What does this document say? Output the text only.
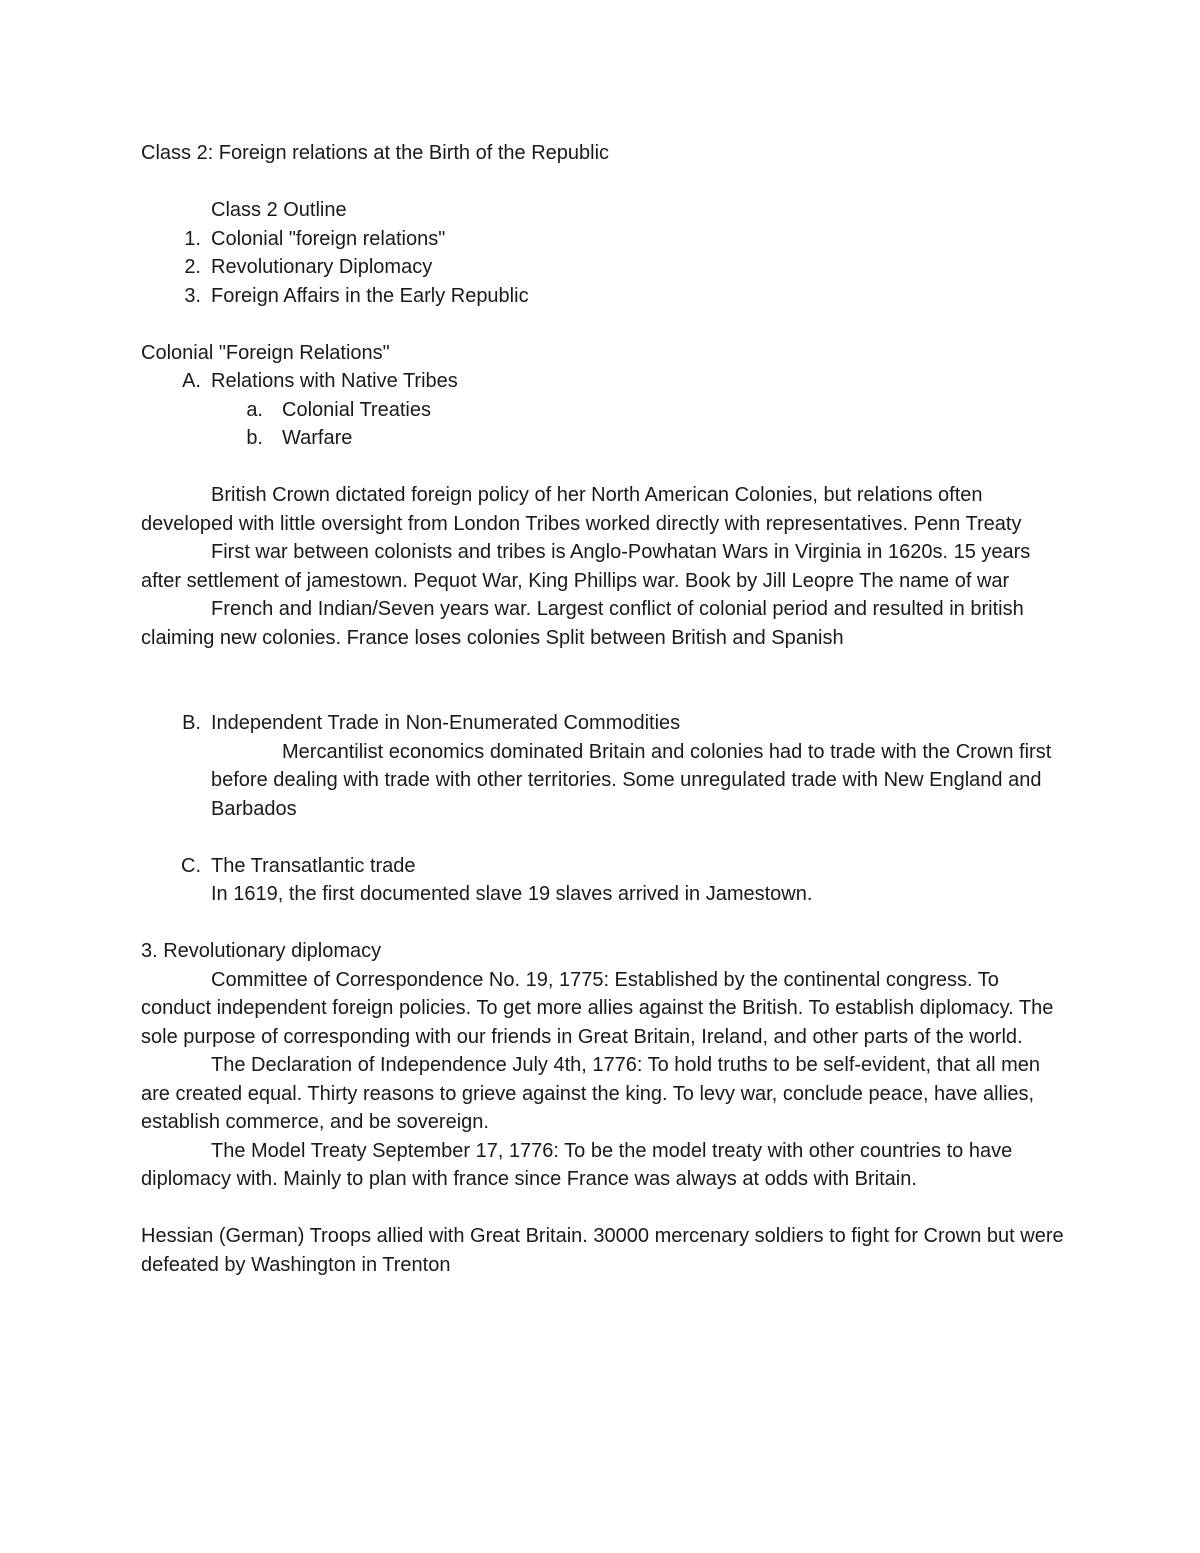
Class 2: Foreign relations at the Birth of the Republic
Class 2 Outline
1. Colonial "foreign relations"
2. Revolutionary Diplomacy
3. Foreign Affairs in the Early Republic
Colonial "Foreign Relations"
A. Relations with Native Tribes
a. Colonial Treaties
b. Warfare
British Crown dictated foreign policy of her North American Colonies, but relations often developed with little oversight from London Tribes worked directly with representatives. Penn Treaty
First war between colonists and tribes is Anglo-Powhatan Wars in Virginia in 1620s. 15 years after settlement of jamestown. Pequot War, King Phillips war. Book by Jill Leopre The name of war
French and Indian/Seven years war. Largest conflict of colonial period and resulted in british claiming new colonies. France loses colonies Split between British and Spanish
B. Independent Trade in Non-Enumerated Commodities
Mercantilist economics dominated Britain and colonies had to trade with the Crown first before dealing with trade with other territories. Some unregulated trade with New England and Barbados
C. The Transatlantic trade
In 1619, the first documented slave 19 slaves arrived in Jamestown.
3. Revolutionary diplomacy
Committee of Correspondence No. 19, 1775: Established by the continental congress. To conduct independent foreign policies. To get more allies against the British. To establish diplomacy. The sole purpose of corresponding with our friends in Great Britain, Ireland, and other parts of the world.
The Declaration of Independence July 4th, 1776: To hold truths to be self-evident, that all men are created equal. Thirty reasons to grieve against the king. To levy war, conclude peace, have allies, establish commerce, and be sovereign.
The Model Treaty September 17, 1776: To be the model treaty with other countries to have diplomacy with. Mainly to plan with france since France was always at odds with Britain.
Hessian (German) Troops allied with Great Britain. 30000 mercenary soldiers to fight for Crown but were defeated by Washington in Trenton
